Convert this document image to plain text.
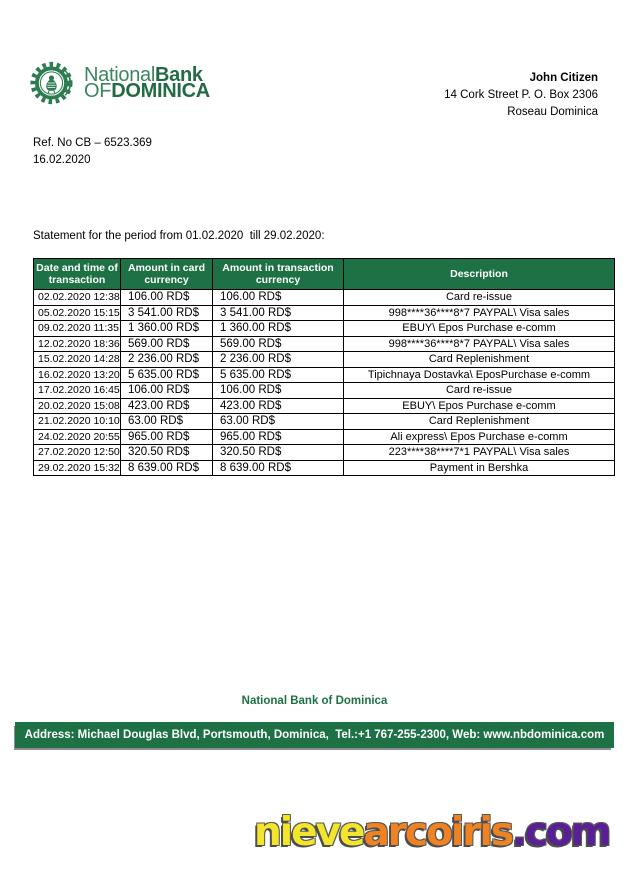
NationalBank
OFDOMINICA
John Citizen
14 Cork Street P. O. Box 2306
Roseau Dominica
Ref. No CB – 6523.369
16.02.2020
Statement for the period from 01.02.2020  till 29.02.2020:
Date and time of transaction	Amount in card currency	Amount in transaction currency	Description
02.02.2020 12:38	106.00 RD$	106.00 RD$	Card re-issue
05.02.2020 15:15	3 541.00 RD$	3 541.00 RD$	998****36****8*7 PAYPAL\ Visa sales
09.02.2020 11:35	1 360.00 RD$	1 360.00 RD$	EBUY\ Epos Purchase e-comm
12.02.2020 18:36	569.00 RD$	569.00 RD$	998****36****8*7 PAYPAL\ Visa sales
15.02.2020 14:28	2 236.00 RD$	2 236.00 RD$	Card Replenishment
16.02.2020 13:20	5 635.00 RD$	5 635.00 RD$	Tipichnaya Dostavka\ EposPurchase e-comm
17.02.2020 16:45	106.00 RD$	106.00 RD$	Card re-issue
20.02.2020 15:08	423.00 RD$	423.00 RD$	EBUY\ Epos Purchase e-comm
21.02.2020 10:10	63.00 RD$	63.00 RD$	Card Replenishment
24.02.2020 20:55	965.00 RD$	965.00 RD$	Ali express\ Epos Purchase e-comm
27.02.2020 12:50	320.50 RD$	320.50 RD$	223****38****7*1 PAYPAL\ Visa sales
29.02.2020 15:32	8 639.00 RD$	8 639.00 RD$	Payment in Bershka
National Bank of Dominica
Address: Michael Douglas Blvd, Portsmouth, Dominica,  Tel.:+1 767-255-2300, Web: www.nbdominica.com
nievearcoiris.com
